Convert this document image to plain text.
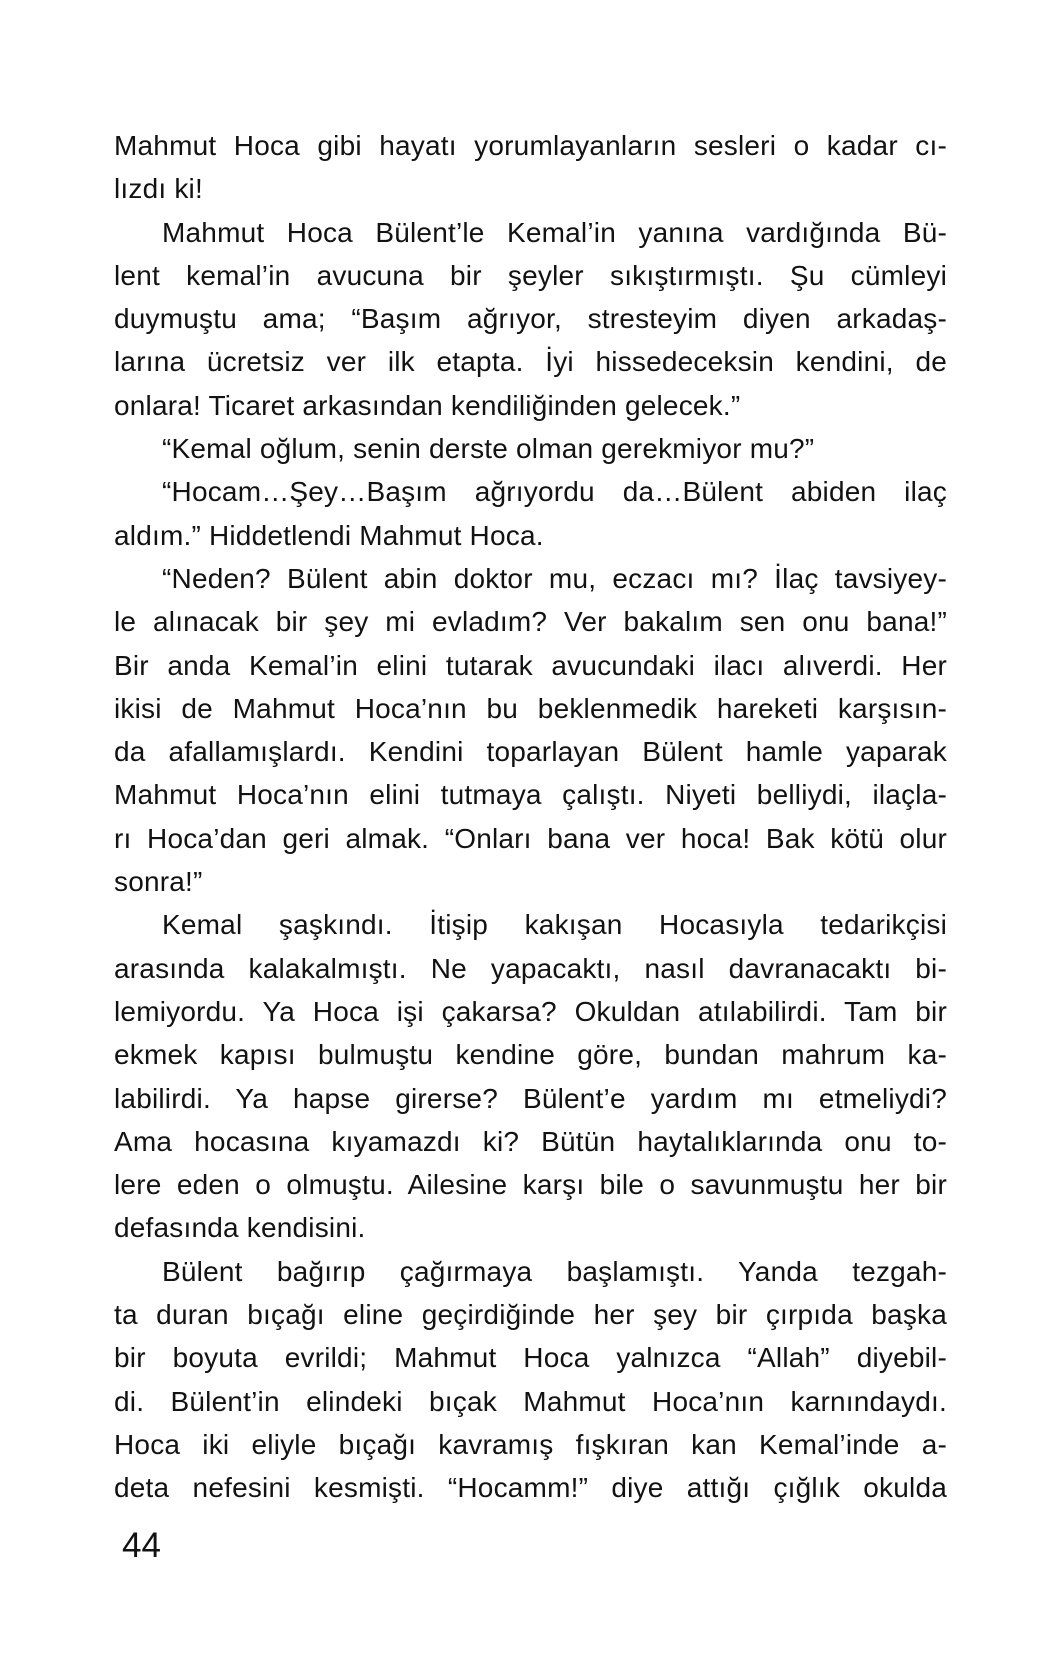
Mahmut Hoca gibi hayatı yorumlayanların sesleri o kadar cı-
lızdı ki!
Mahmut Hoca Bülent’le Kemal’in yanına vardığında Bü-
lent kemal’in avucuna bir şeyler sıkıştırmıştı. Şu cümleyi
duymuştu ama; “Başım ağrıyor, stresteyim diyen arkadaş-
larına ücretsiz ver ilk etapta. İyi hissedeceksin kendini, de
onlara! Ticaret arkasından kendiliğinden gelecek.”
“Kemal oğlum, senin derste olman gerekmiyor mu?”
“Hocam…Şey…Başım ağrıyordu da…Bülent abiden ilaç
aldım.” Hiddetlendi Mahmut Hoca.
“Neden? Bülent abin doktor mu, eczacı mı? İlaç tavsiyey-
le alınacak bir şey mi evladım? Ver bakalım sen onu bana!”
Bir anda Kemal’in elini tutarak avucundaki ilacı alıverdi. Her
ikisi de Mahmut Hoca’nın bu beklenmedik hareketi karşısın-
da afallamışlardı. Kendini toparlayan Bülent hamle yaparak
Mahmut Hoca’nın elini tutmaya çalıştı. Niyeti belliydi, ilaçla-
rı Hoca’dan geri almak. “Onları bana ver hoca! Bak kötü olur
sonra!”
Kemal şaşkındı. İtişip kakışan Hocasıyla tedarikçisi
arasında kalakalmıştı. Ne yapacaktı, nasıl davranacaktı bi-
lemiyordu. Ya Hoca işi çakarsa? Okuldan atılabilirdi. Tam bir
ekmek kapısı bulmuştu kendine göre, bundan mahrum ka-
labilirdi. Ya hapse girerse? Bülent’e yardım mı etmeliydi?
Ama hocasına kıyamazdı ki? Bütün haytalıklarında onu to-
lere eden o olmuştu. Ailesine karşı bile o savunmuştu her bir
defasında kendisini.
Bülent bağırıp çağırmaya başlamıştı. Yanda tezgah-
ta duran bıçağı eline geçirdiğinde her şey bir çırpıda başka
bir boyuta evrildi; Mahmut Hoca yalnızca “Allah” diyebil-
di. Bülent’in elindeki bıçak Mahmut Hoca’nın karnındaydı.
Hoca iki eliyle bıçağı kavramış fışkıran kan Kemal’inde a-
deta nefesini kesmişti. “Hocamm!” diye attığı çığlık okulda
44
